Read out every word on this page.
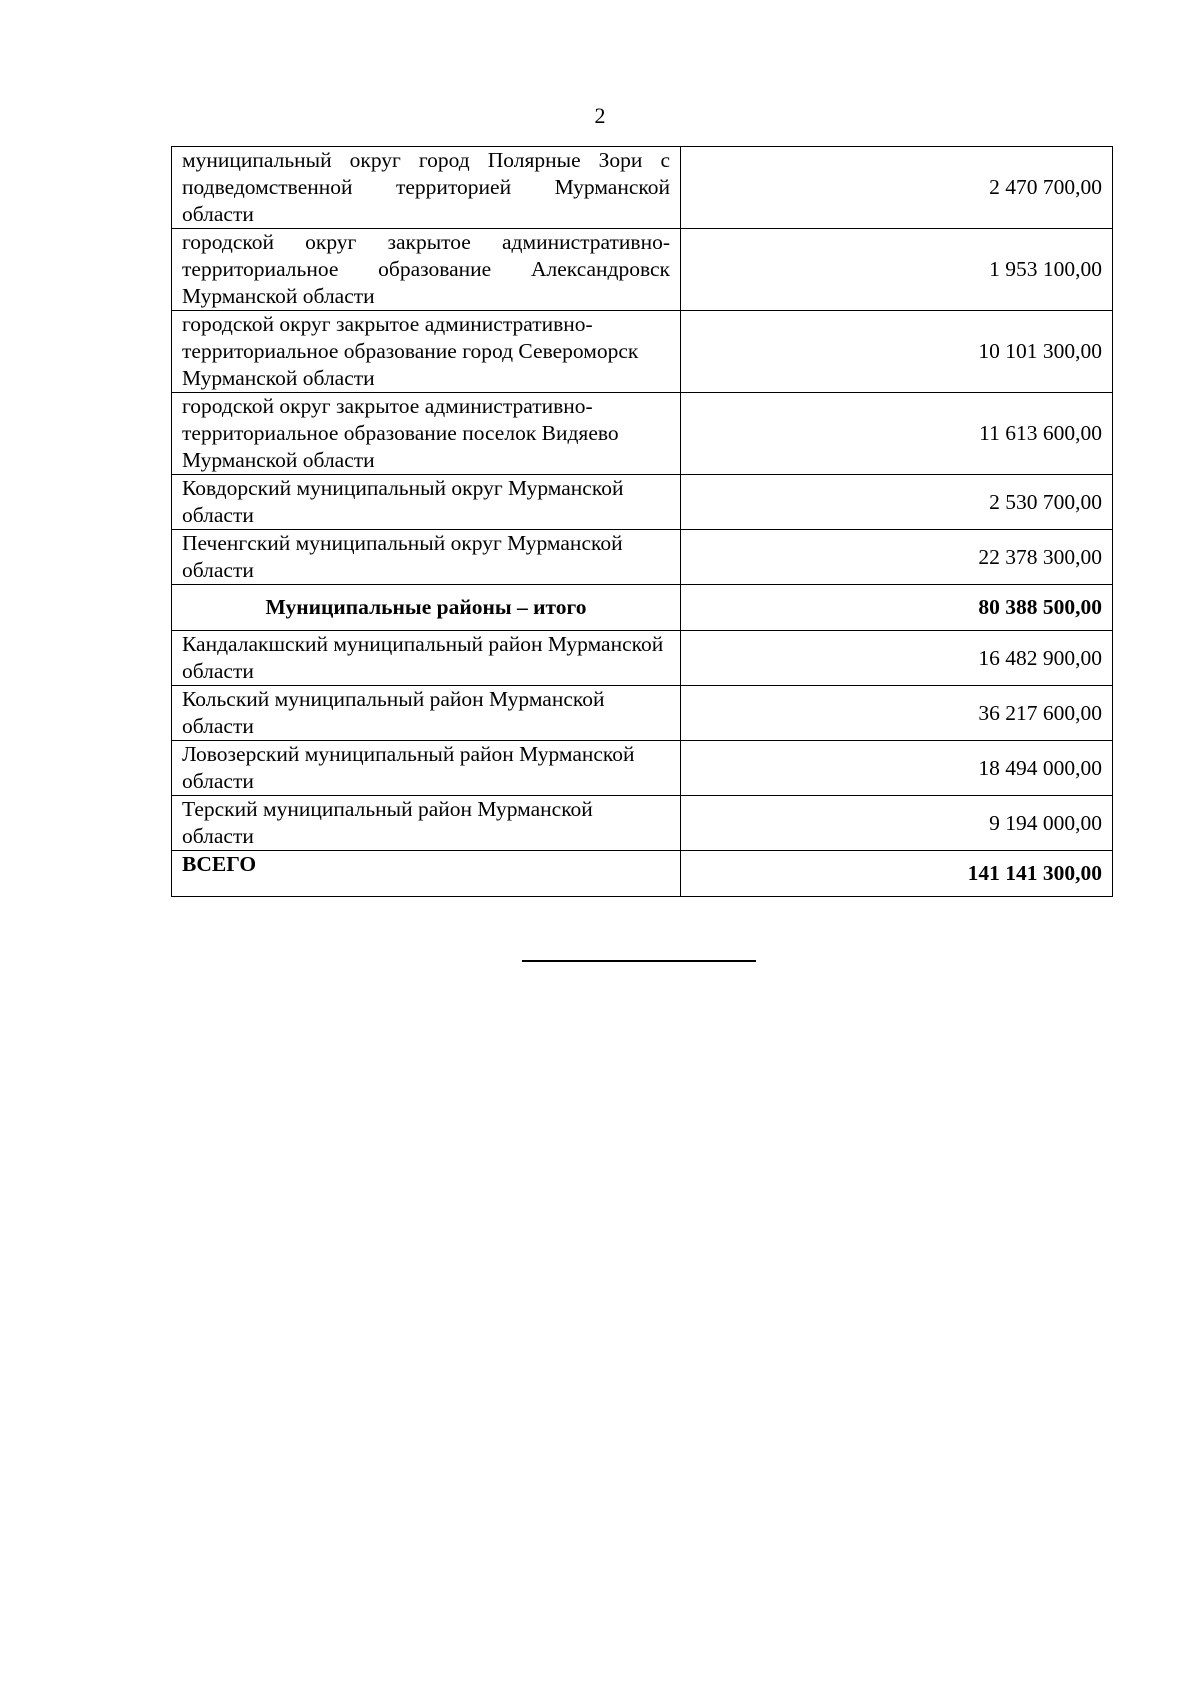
2
муниципальный округ город Полярные Зори с подведомственной территорией Мурманской области	2 470 700,00
городской округ закрытое административно-территориальное образование Александровск Мурманской области	1 953 100,00
городской округ закрытое административно-территориальное образование город Североморск Мурманской области	10 101 300,00
городской округ закрытое административно-территориальное образование поселок Видяево Мурманской области	11 613 600,00
Ковдорский муниципальный округ Мурманской области	2 530 700,00
Печенгский муниципальный округ Мурманской области	22 378 300,00
Муниципальные районы – итого	80 388 500,00
Кандалакшский муниципальный район Мурманской области	16 482 900,00
Кольский муниципальный район Мурманской области	36 217 600,00
Ловозерский муниципальный район Мурманской области	18 494 000,00
Терский муниципальный район Мурманской области	9 194 000,00
ВСЕГО	141 141 300,00
